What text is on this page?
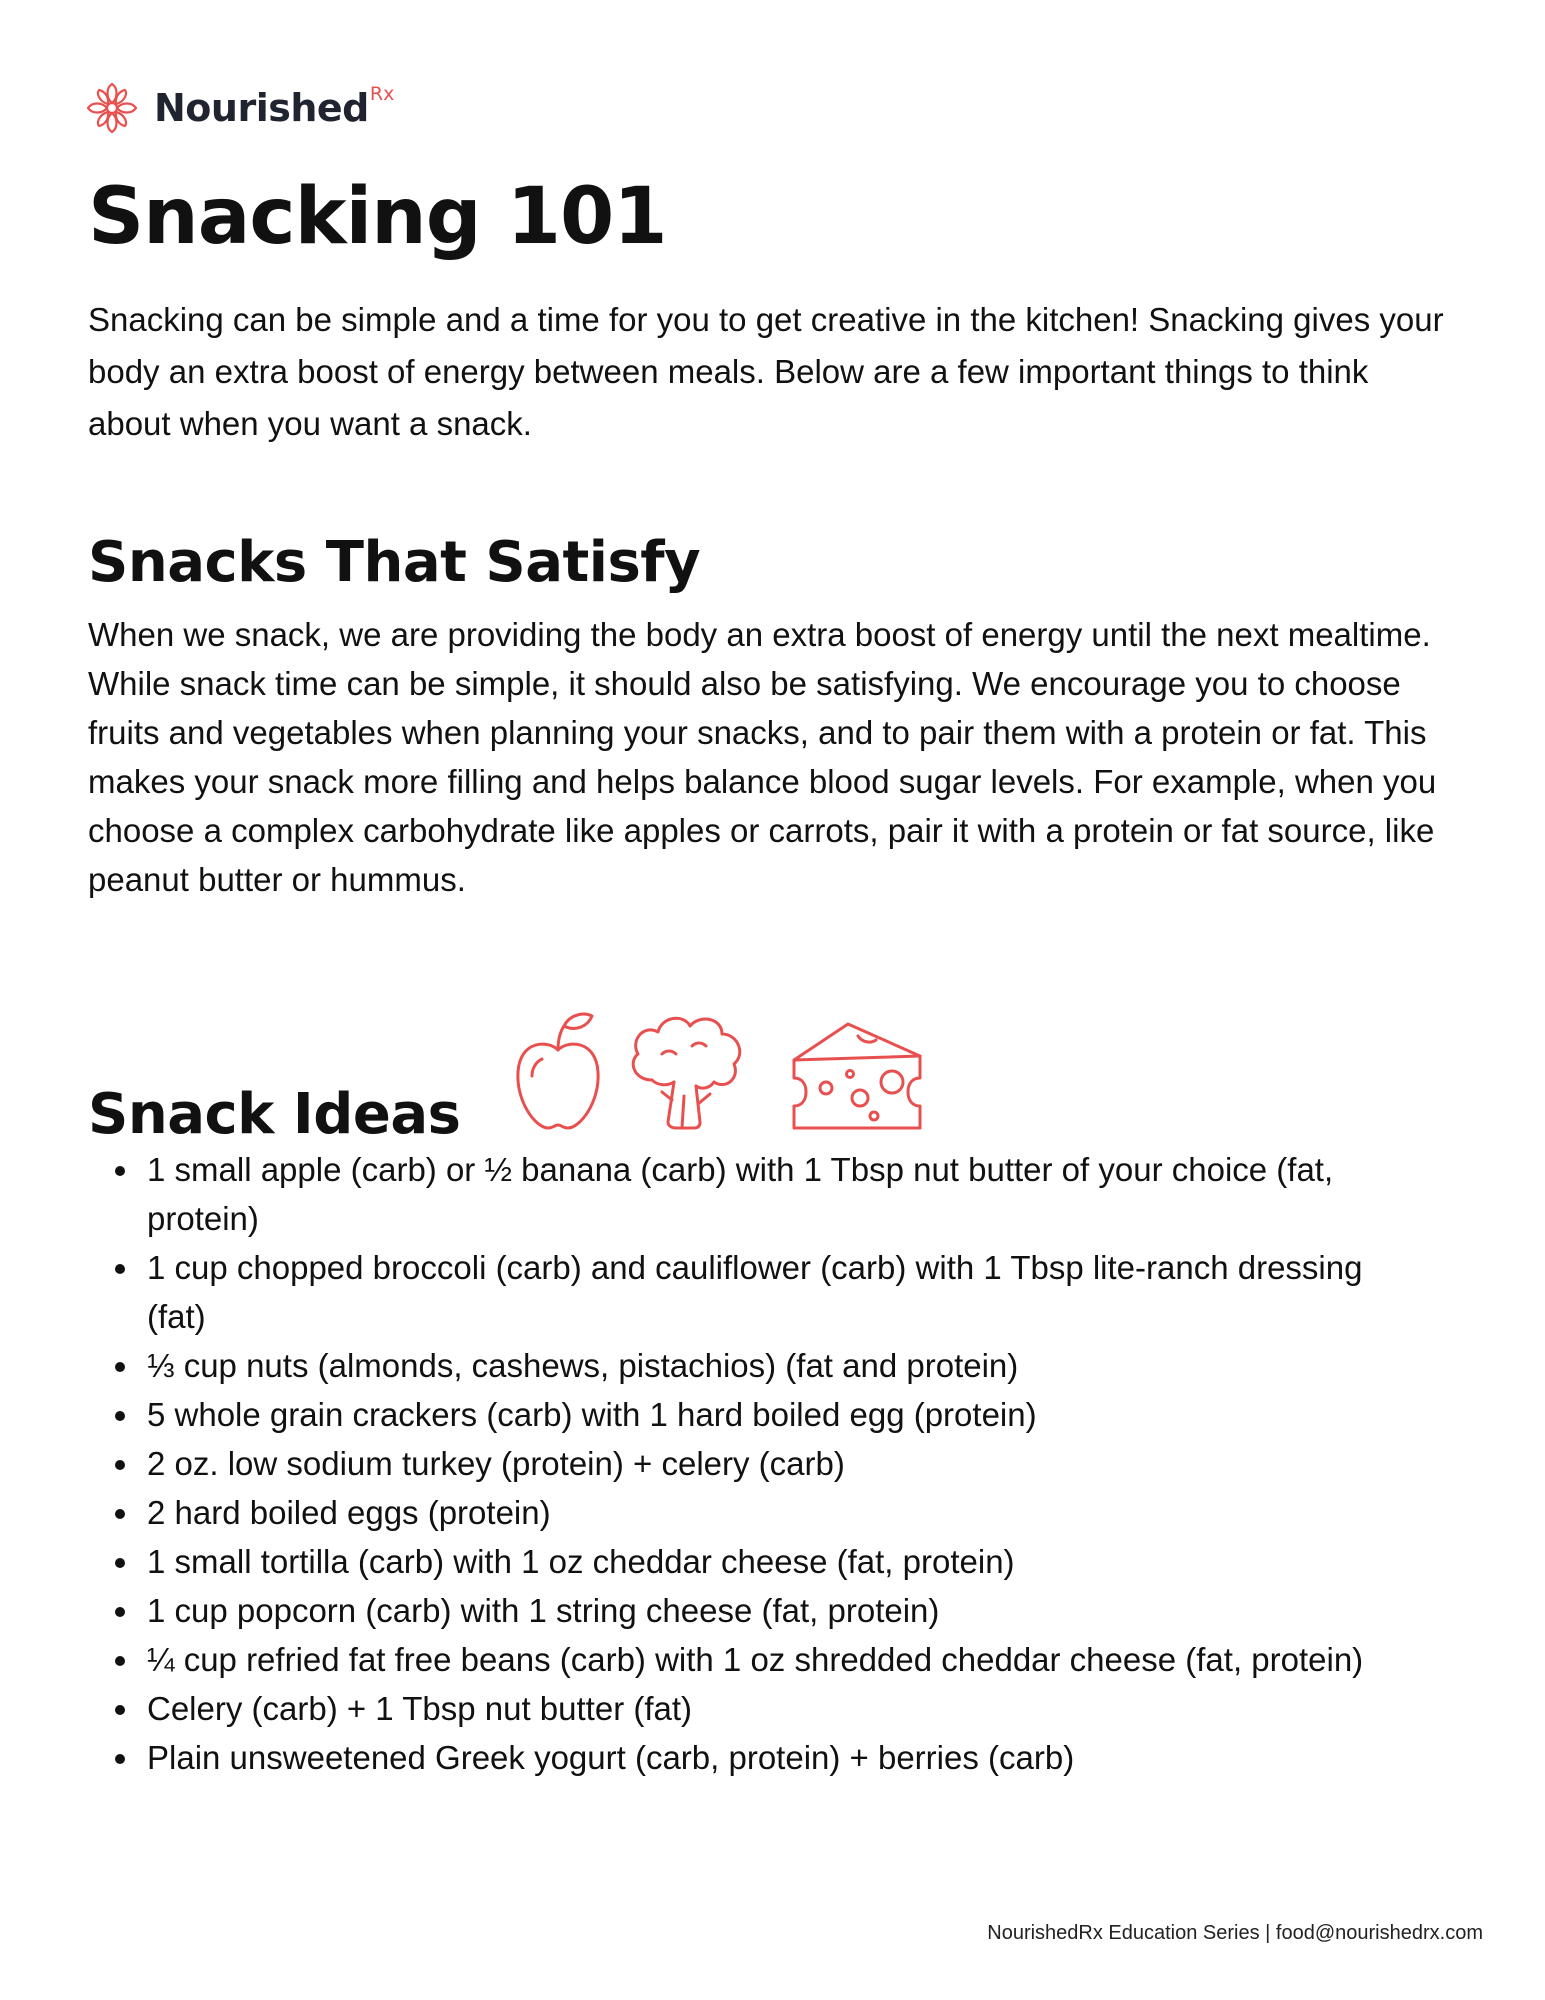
Nourished Rx
Snacking 101

Snacking can be simple and a time for you to get creative in the kitchen! Snacking gives your body an extra boost of energy between meals. Below are a few important things to think about when you want a snack.

Snacks That Satisfy

When we snack, we are providing the body an extra boost of energy until the next mealtime. While snack time can be simple, it should also be satisfying. We encourage you to choose fruits and vegetables when planning your snacks, and to pair them with a protein or fat. This makes your snack more filling and helps balance blood sugar levels. For example, when you choose a complex carbohydrate like apples or carrots, pair it with a protein or fat source, like peanut butter or hummus.

Snack Ideas
1 small apple (carb) or ½ banana (carb) with 1 Tbsp nut butter of your choice (fat, protein)
1 cup chopped broccoli (carb) and cauliflower (carb) with 1 Tbsp lite-ranch dressing (fat)
⅓ cup nuts (almonds, cashews, pistachios) (fat and protein)
5 whole grain crackers (carb) with 1 hard boiled egg (protein)
2 oz. low sodium turkey (protein) + celery (carb)
2 hard boiled eggs (protein)
1 small tortilla (carb) with 1 oz cheddar cheese (fat, protein)
1 cup popcorn (carb) with 1 string cheese (fat, protein)
¼ cup refried fat free beans (carb) with 1 oz shredded cheddar cheese (fat, protein)
Celery (carb) + 1 Tbsp nut butter (fat)
Plain unsweetened Greek yogurt (carb, protein) + berries (carb)
NourishedRx Education Series | food@nourishedrx.com
